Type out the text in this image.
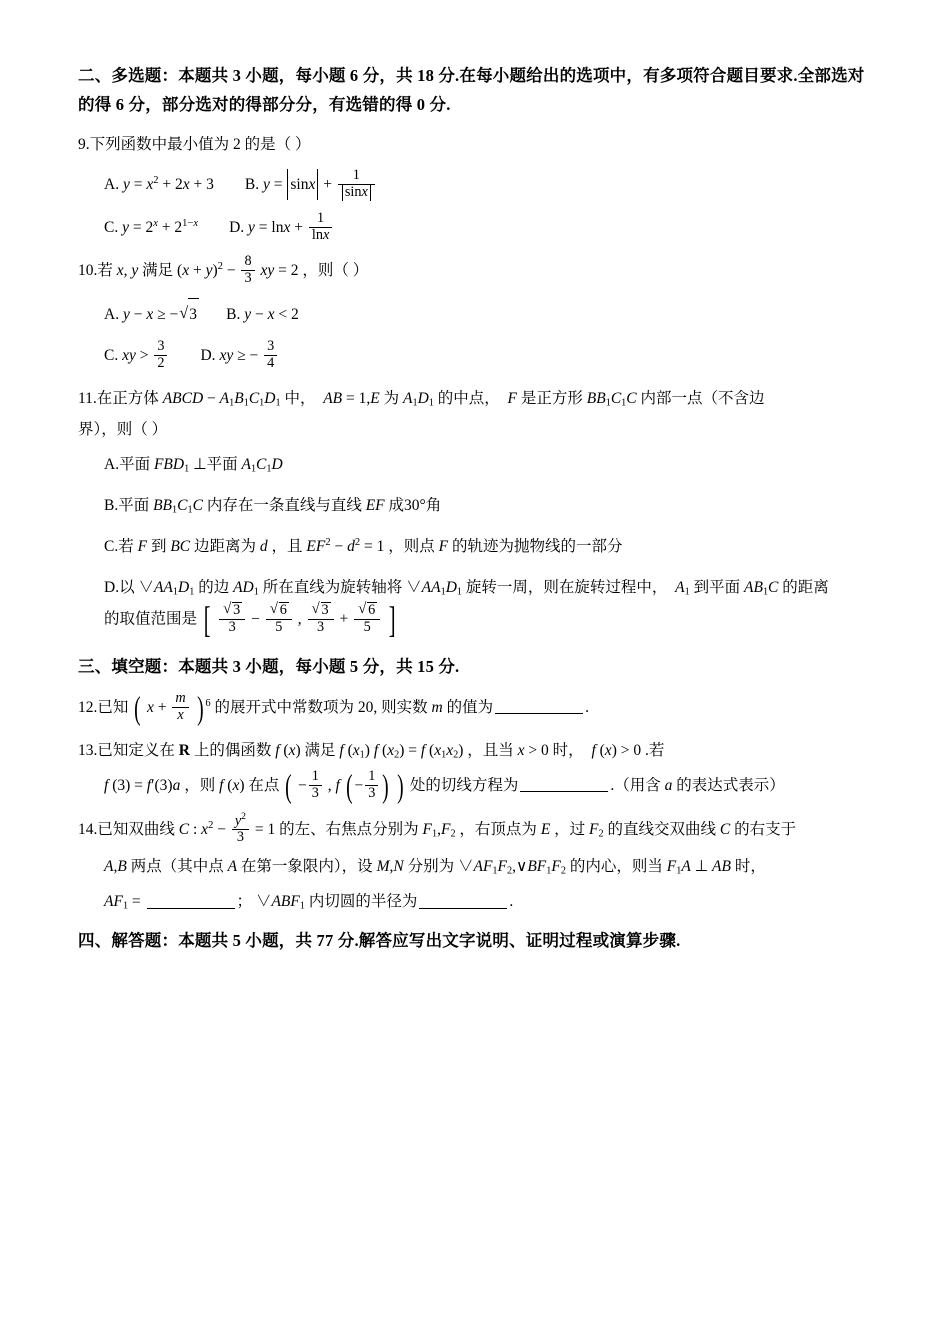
二、多选题：本题共 3 小题，每小题 6 分，共 18 分.在每小题给出的选项中，有多项符合题目要求.全部选对的得 6 分，部分选对的得部分分，有选错的得 0 分.
9.下列函数中最小值为 2 的是（ ）
A. $y = x^2 + 2x + 3$ B. $y = \sin x + \frac{1}{\sin x}$
C. $y = 2^x + 2^{1-x}$ D. $y = \ln x + \frac{1}{\ln x}$
10.若 x, y 满足 $(x + y)^2 - \frac{8}{3}$ xy = 2 ，则（ ）
A. y − x ≥ − √ 3 B. y − x < 2
C. xy > $\frac{3}{2} D$. xy ≥ − $\frac{3}{4}$
11.在正方体 ABCD − $A_1B_1C_1D_1$ 中， AB = 1,E 为 $A_1D_1$ 的中点， F 是正方形 $BB_1C_1C$ 内部一点（不含边
界），则（ ）
A.平面 $FBD_1$ ⊥平面 $A_1C_1D$
B.平面 $BB_1C_1C$ 内存在一条直线与直线 EF 成30°角
C.若 F 到 BC 边距离为 d ，且 $EF^2 - d^2 = 1$ ，则点 F 的轨迹为抛物线的一部分
D.以 $\vee AA_1D_1$ 的边 $AD_1$ 所在直线为旋转轴将 $\vee AA_1D_1$ 旋转一周，则在旋转过程中， $A_1$ 到平面 $AB_1C$ 的距离
的取值范围是 [ √ $\frac{3}{3}$ − √ $\frac{6}{5}$ , √ $\frac{3}{3}$ + √ $\frac{6}{5}$ ]
三、填空题：本题共 3 小题，每小题 5 分，共 15 分.
12.已知 ( $x + \frac{m}{x}$ ) $^6$ 的展开式中常数项为 20, 则实数 m 的值为	.
13.已知定义在 R 上的偶函数 f (x) 满足 f $(x_1)$ f $(x_2) = f$ $(x_1x_2)$ ，且当 x > 0 时， f (x) > 0 .若
f (3) = f′(3)a ，则 f (x) 在点 ( − $\frac{1}{3}$ , f ( − $\frac{1}{3}$ ) ) 处的切线方程为	.（用含 a 的表达式表示）
14.已知双曲线 C : $x^2 - \frac{y^2}{3} = 1$ 的左、右焦点分别为 $F_1,F_2$ ，右顶点为 E ，过 $F_2$ 的直线交双曲线 C 的右支于
A,B 两点（其中点 A 在第一象限内），设 M,N 分别为 $\vee AF_1F_2,\vee BF_1F_2$ 的内心，则当 $F_1A$ ⊥ AB 时，
$AF_1$ =	； $\vee ABF_1$ 内切圆的半径为	.
四、解答题：本题共 5 小题，共 77 分.解答应写出文字说明、证明过程或演算步骤.
